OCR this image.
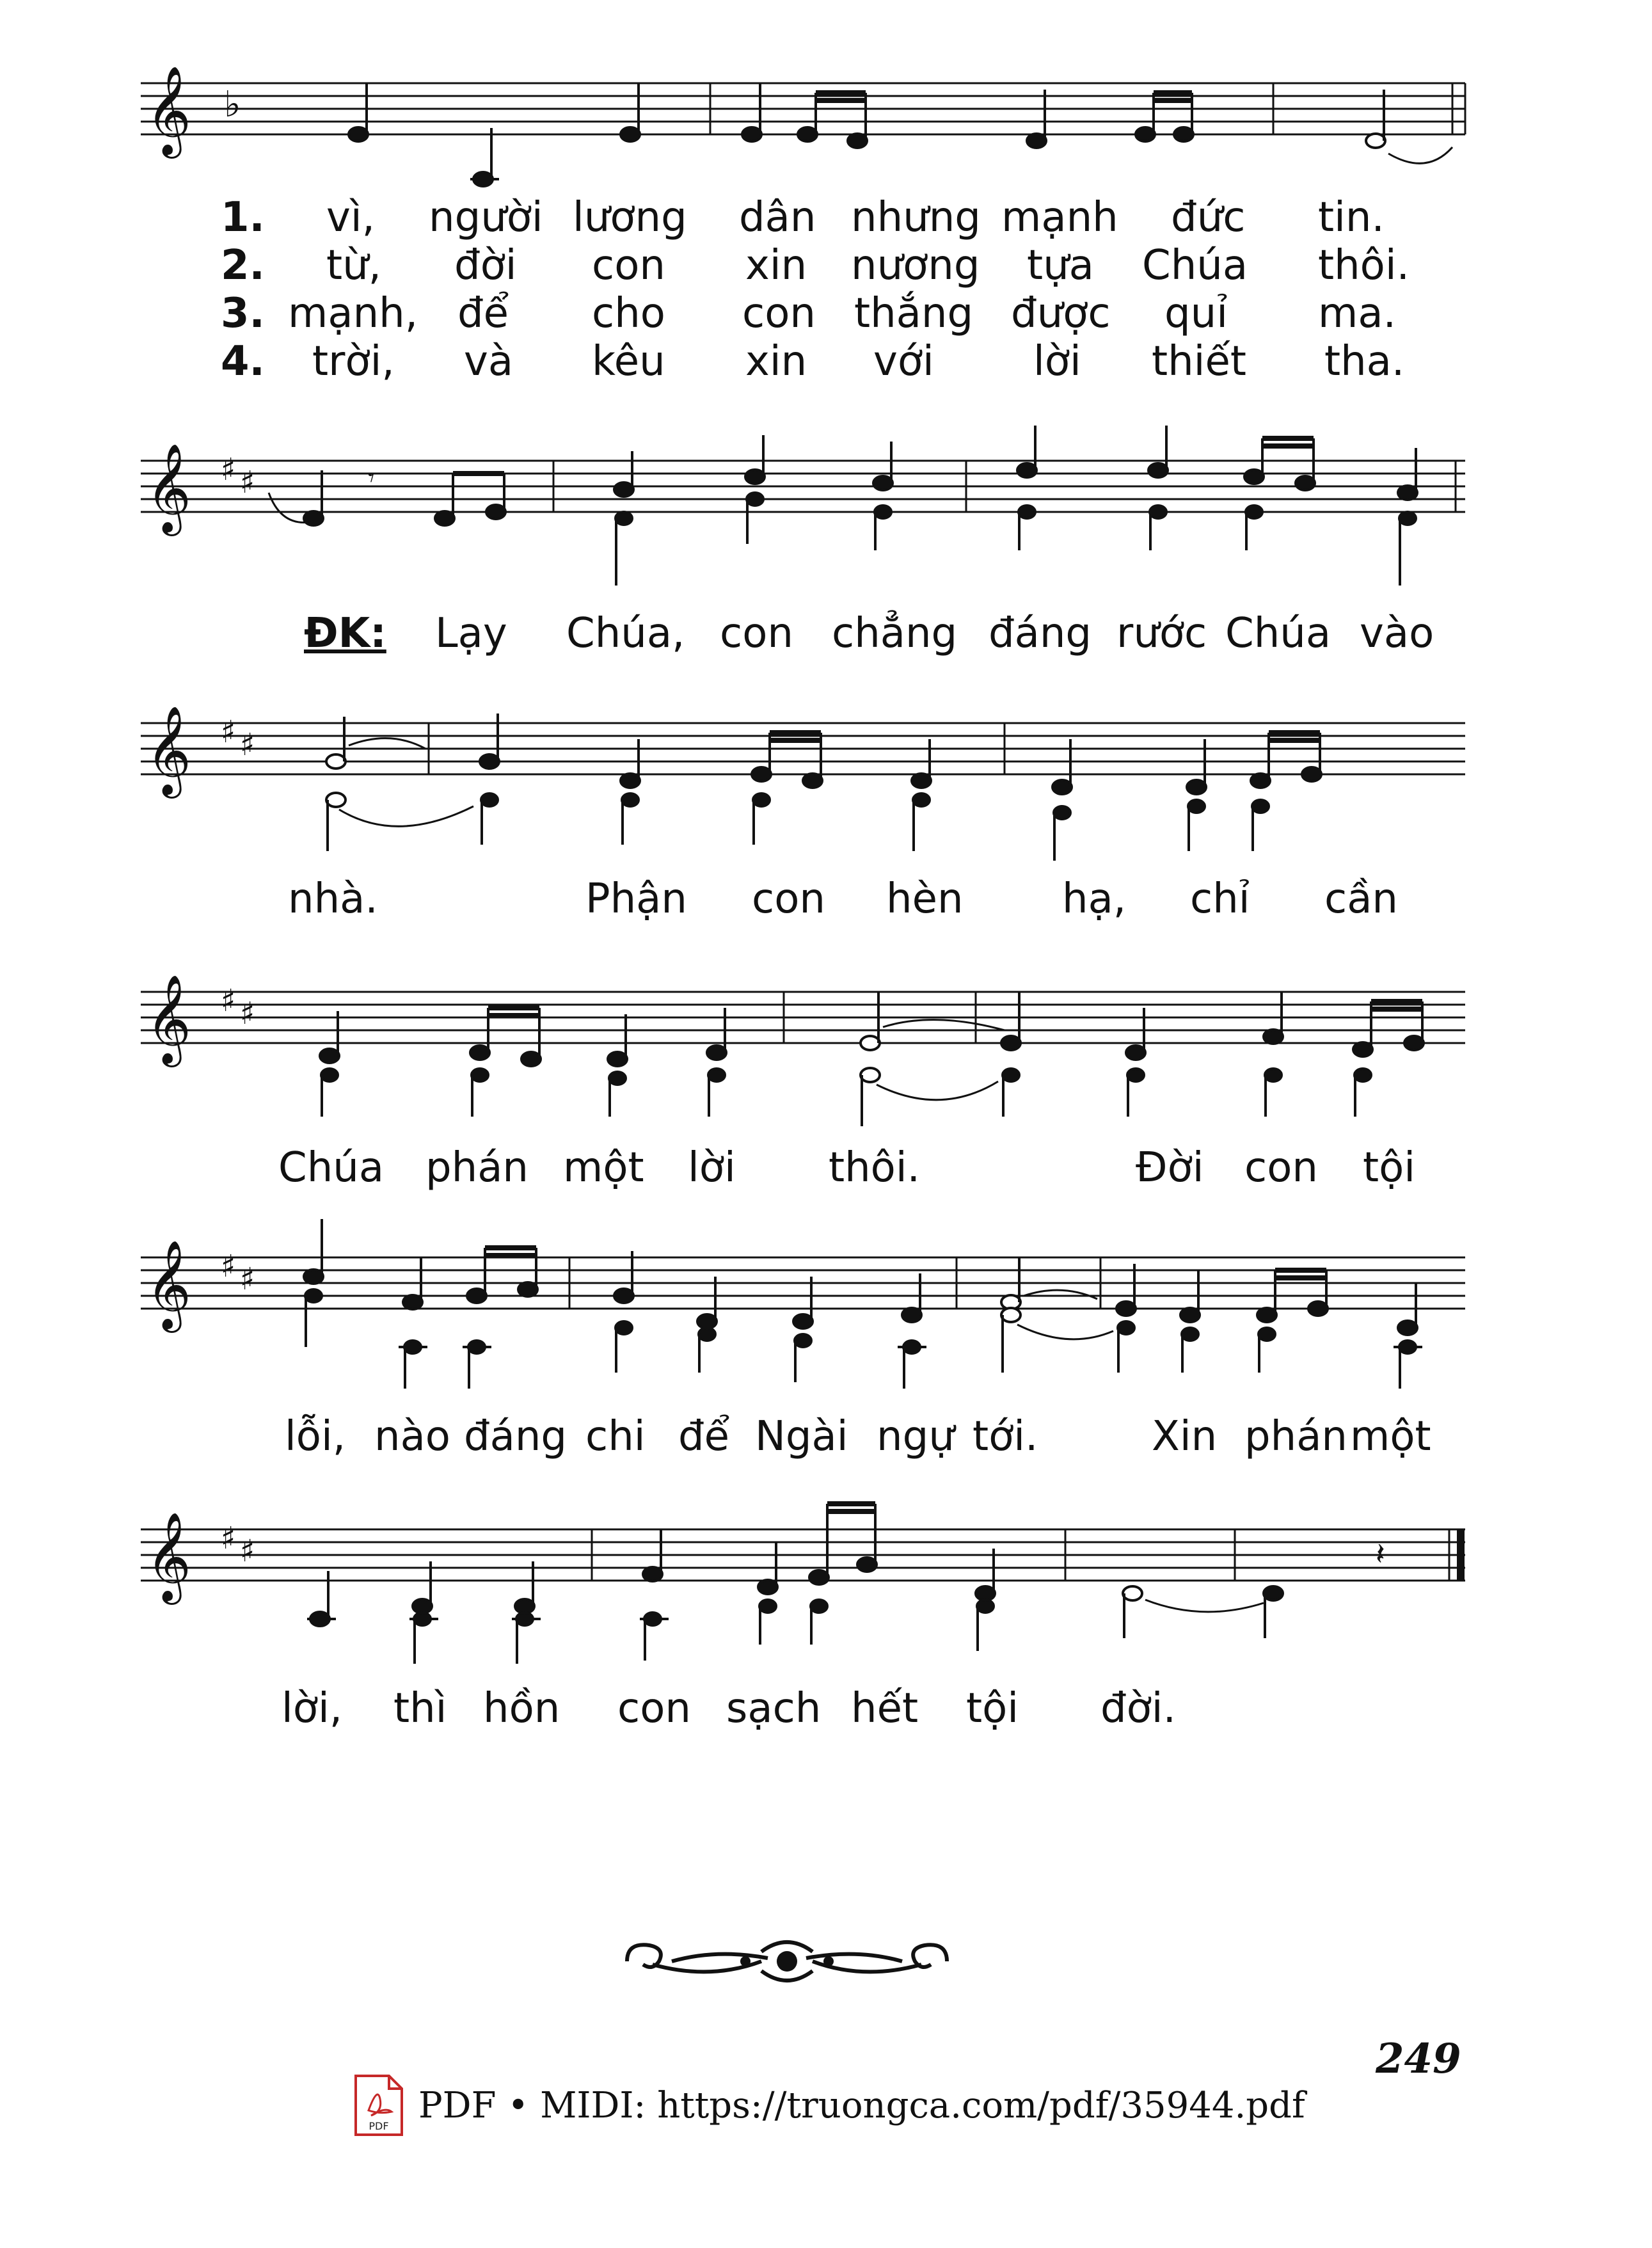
𝄞 ♭
1. vì, người lương dân nhưng mạnh đức tin.
2. từ, đời con xin nương tựa Chúa thôi.
3. mạnh, để cho con thắng được quỉ ma.
4. trời, và kêu xin với lời thiết tha.
𝄞 ♯ ♯	𝄾
ĐK: Lạy Chúa, con chẳng đáng rước Chúa vào
𝄞 ♯ ♯
nhà.	Phận con hèn hạ, chỉ cần
𝄞 ♯ ♯
Chúa phán một lời thôi.	Đời con tội
𝄞 ♯ ♯
lỗi, nào đáng chi để Ngài ngự tới.	Xin phán một
𝄞 ♯ ♯	𝄽
lời, thì hồn con sạch hết tội đời.
249
PDF PDF • MIDI: https://truongca.com/pdf/35944.pdf
